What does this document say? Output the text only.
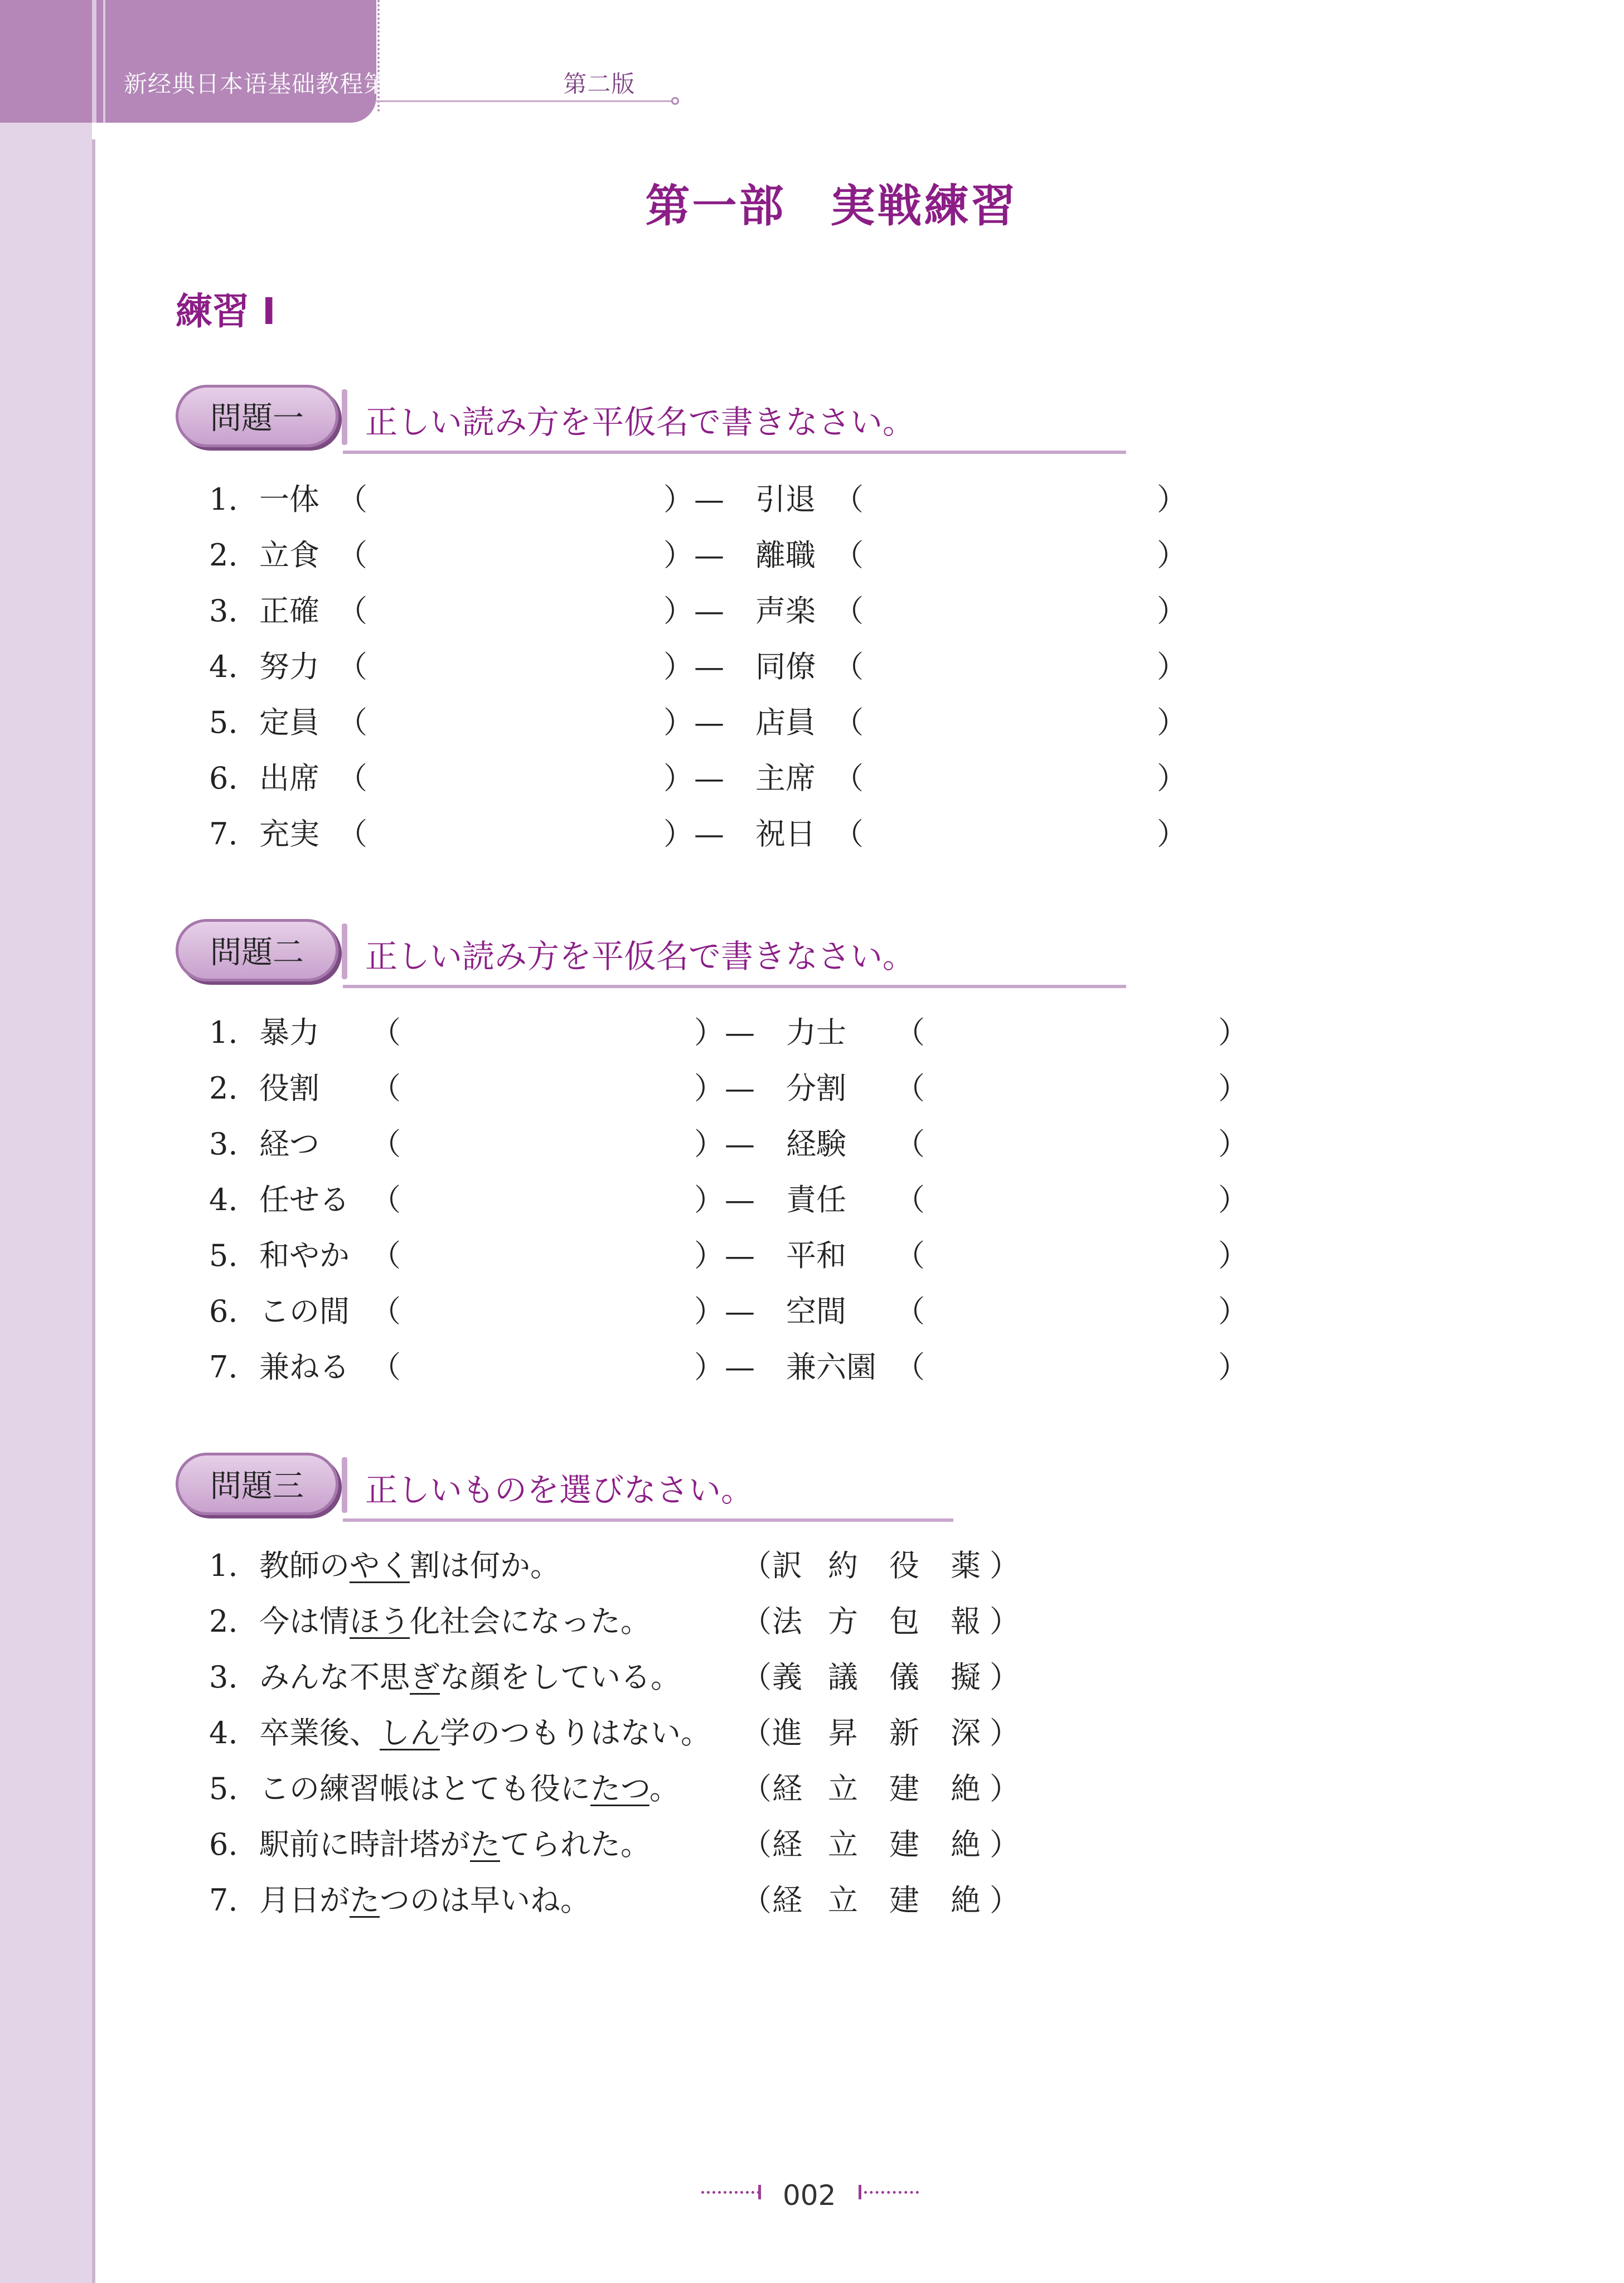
新经典日本语基础教程第三册同步练习册 第二版
第一部 実戦練習
練習 I
問題一	正しい読み方を平仮名で書きなさい。
1. 一体 （	） — 引退 （	）
2. 立食 （	） — 離職 （	）
3. 正確 （	） — 声楽 （	）
4. 努力 （	） — 同僚 （	）
5. 定員 （	） — 店員 （	）
6. 出席 （	） — 主席 （	）
7. 充実 （	） — 祝日 （	）
問題二	正しい読み方を平仮名で書きなさい。
1. 暴力 （	） — 力士 （	）
2. 役割 （	） — 分割 （	）
3. 経つ （	） — 経験 （	）
4. 任せる （	） — 責任 （	）
5. 和やか （	） — 平和 （	）
6. この間 （	） — 空間 （	）
7. 兼ねる （	） — 兼六園 （	）
問題三	正しいものを選びなさい。
1. 教師のやく割は何か。	（ 訳 約 役 薬 ）
2. 今は情ほう化社会になった。	（ 法 方 包 報 ）
3. みんな不思ぎな顔をしている。 （ 義 議 儀 擬 ）
4. 卒業後、しん学のつもりはない。 （ 進 昇 新 深 ）
5. この練習帳はとても役にたつ。 （ 経 立 建 絶 ）
6. 駅前に時計塔がたてられた。	（ 経 立 建 絶 ）
7. 月日がたつのは早いね。	（ 経 立 建 絶 ）
002
